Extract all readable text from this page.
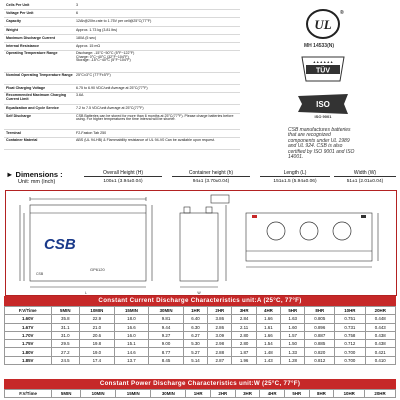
Cells Per Unit	3
Voltage Per Unit	6
Capacity	12Ah@20hr-rate to 1.75V per cell@25°C(77°F)
Weight	Approx. 1.73 kg (3.81 lbs)
Maximum Discharge Current	180A (5 sec)
Internal Resistance	Approx. 15 mΩ
Operating Temperature Range	Discharge: -15°C~50°C (5°F~122°F)
Charge: 0°C~40°C (32°F~104°F)
Storage: -15°C~40°C (5°F~104°F)
Nominal Operating Temperature Range 25°C±3°C (77°F±5°F)
Float Charging Voltage	6.75 to 6.90 VDC/unit Average at 25°C(77°F)
Recommended Maximum Charging Current Limit
3.6A
Equalization and Cycle Service	7.2 to 7.5 VDC/unit Average at 25°C(77°F)
Self Discharge	CSB Batteries can be stored for more than 6 months at 25°C(77°F). Please charge batteries before using. For higher temperatures the time interval will be shorter.
Terminal	F2-Faston Tab 250
Container Material	ABS (UL 94-HB) & Flammability resistance of UL 94-V0 Can be available upon request.
UL
®
MH 14533(N)
TÜV
▲▲▲▲▲▲
ISO
ISO 9001
CSB manufactures batteries that are recognized components under UL 1989 and UL 924. CSB is also certified by ISO 9001 and ISO 14001.
► Dimensions :
Unit: mm (inch)
Overall Height (H)
100±1 (3.94±0.04)
Container height (h)
94±1 (3.70±0.04)
Length (L)
151±1.5 (5.94±0.06)
Width (W)
51±1 (2.01±0.04)
CSB
GP6120
CSB
L	W
Constant Current Discharge Characteristics unit:A (25°C, 77°F)
F.V/Time	5MIN	10MIN	15MIN	30MIN	1HR	2HR	3HR	4HR	5HR	8HR	10HR	20HR
1.60V	35.8	22.9	18.0	9.81	6.40	3.86	2.84	1.66	1.63	0.805	0.751	0.448
1.67V	31.1	21.0	16.6	9.44	6.30	2.86	2.11	1.61	1.60	0.896	0.731	0.443
1.70V	31.0	20.6	16.0	9.27	6.27	3.09	2.80	1.66	1.57	0.887	0.758	0.438
1.75V	29.5	19.8	15.1	9.00	5.30	2.98	2.80	1.54	1.50	0.885	0.712	0.438
1.80V	27.2	19.0	14.6	8.77	5.27	2.88	1.87	1.48	1.33	0.820	0.700	0.421
1.85V	24.5	17.4	13.7	8.45	5.14	2.87	1.96	1.43	1.28	0.812	0.700	0.410
Constant Power Discharge Characteristics unit:W (25°C, 77°F)
F.V/Time	5MIN	10MIN	15MIN	30MIN	1HR	2HR	3HR	4HR	5HR	8HR	10HR	20HR
